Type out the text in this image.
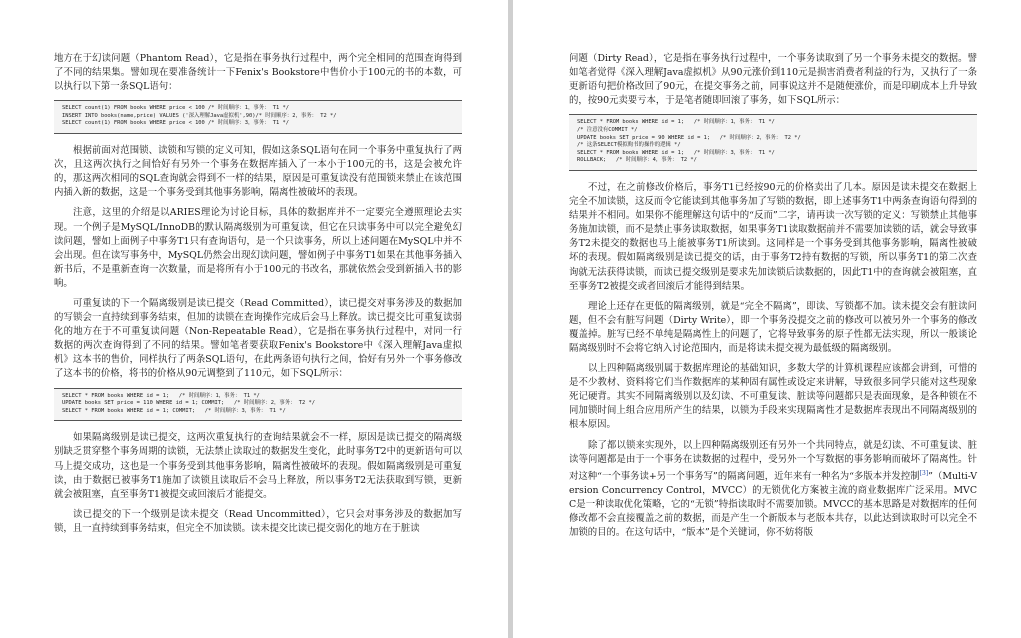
地方在于幻读问题（Phantom Read），它是指在事务执行过程中，两个完全相同的范围查询得到了不同的结果集。譬如现在要准备统计一下Fenix's Bookstore中售价小于100元的书的本数，可以执行以下第一条SQL语句：

SELECT count(1) FROM books WHERE price < 100 /* 时间顺序：1，事务： T1 */
INSERT INTO books(name,price) VALUES ('深入理解Java虚拟机',90)/* 时间顺序：2，事务： T2 */
SELECT count(1) FROM books WHERE price < 100 /* 时间顺序：3，事务： T1 */

根据前面对范围锁、读锁和写锁的定义可知，假如这条SQL语句在同一个事务中重复执行了两次，且这两次执行之间恰好有另外一个事务在数据库插入了一本小于100元的书，这是会被允许的，那这两次相同的SQL查询就会得到不一样的结果，原因是可重复读没有范围锁来禁止在该范围内插入新的数据，这是一个事务受到其他事务影响，隔离性被破坏的表现。

注意，这里的介绍是以ARIES理论为讨论目标，具体的数据库并不一定要完全遵照理论去实现。一个例子是MySQL/InnoDB的默认隔离级别为可重复读，但它在只读事务中可以完全避免幻读问题，譬如上面例子中事务T1只有查询语句，是一个只读事务，所以上述问题在MySQL中并不会出现。但在读写事务中，MySQL仍然会出现幻读问题，譬如例子中事务T1如果在其他事务插入新书后，不是重新查询一次数量，而是将所有小于100元的书改名，那就依然会受到新插入书的影响。

可重复读的下一个隔离级别是读已提交（Read Committed），读已提交对事务涉及的数据加的写锁会一直持续到事务结束，但加的读锁在查询操作完成后会马上释放。读已提交比可重复读弱化的地方在于不可重复读问题（Non-Repeatable Read），它是指在事务执行过程中，对同一行数据的两次查询得到了不同的结果。譬如笔者要获取Fenix's Bookstore中《深入理解Java虚拟机》这本书的售价，同样执行了两条SQL语句，在此两条语句执行之间，恰好有另外一个事务修改了这本书的价格，将书的价格从90元调整到了110元，如下SQL所示：

SELECT * FROM books WHERE id = 1;   /* 时间顺序：1，事务： T1 */
UPDATE books SET price = 110 WHERE id = 1; COMMIT;   /* 时间顺序：2，事务： T2 */
SELECT * FROM books WHERE id = 1; COMMIT;   /* 时间顺序：3，事务： T1 */

如果隔离级别是读已提交，这两次重复执行的查询结果就会不一样，原因是读已提交的隔离级别缺乏贯穿整个事务周期的读锁，无法禁止读取过的数据发生变化，此时事务T2中的更新语句可以马上提交成功，这也是一个事务受到其他事务影响，隔离性被破坏的表现。假如隔离级别是可重复读，由于数据已被事务T1施加了读锁且读取后不会马上释放，所以事务T2无法获取到写锁，更新就会被阻塞，直至事务T1被提交或回滚后才能提交。

读已提交的下一个级别是读未提交（Read Uncommitted），它只会对事务涉及的数据加写锁，且一直持续到事务结束，但完全不加读锁。读未提交比读已提交弱化的地方在于脏读

问题（Dirty Read），它是指在事务执行过程中，一个事务读取到了另一个事务未提交的数据。譬如笔者觉得《深入理解Java虚拟机》从90元涨价到110元是损害消费者利益的行为，又执行了一条更新语句把价格改回了90元，在提交事务之前，同事说这并不是随便涨价，而是印刷成本上升导致的，按90元卖要亏本，于是笔者随即回滚了事务，如下SQL所示：

SELECT * FROM books WHERE id = 1;   /* 时间顺序：1，事务： T1 */
/* 注意没有COMMIT */
UPDATE books SET price = 90 WHERE id = 1;   /* 时间顺序：2，事务： T2 */
/* 这条SELECT模拟购书的操作的逻辑 */
SELECT * FROM books WHERE id = 1;   /* 时间顺序：3，事务： T1 */
ROLLBACK;   /* 时间顺序：4，事务： T2 */

不过，在之前修改价格后，事务T1已经按90元的价格卖出了几本。原因是读未提交在数据上完全不加读锁，这反而令它能读到其他事务加了写锁的数据，即上述事务T1中两条查询语句得到的结果并不相同。如果你不能理解这句话中的“反而”二字，请再读一次写锁的定义：写锁禁止其他事务施加读锁，而不是禁止事务读取数据，如果事务T1读取数据前并不需要加读锁的话，就会导致事务T2未提交的数据也马上能被事务T1所读到。这同样是一个事务受到其他事务影响，隔离性被破坏的表现。假如隔离级别是读已提交的话，由于事务T2持有数据的写锁，所以事务T1的第二次查询就无法获得读锁，而读已提交级别是要求先加读锁后读数据的，因此T1中的查询就会被阻塞，直至事务T2被提交或者回滚后才能得到结果。

理论上还存在更低的隔离级别，就是“完全不隔离”，即读、写锁都不加。读未提交会有脏读问题，但不会有脏写问题（Dirty Write），即一个事务没提交之前的修改可以被另外一个事务的修改覆盖掉。脏写已经不单纯是隔离性上的问题了，它将导致事务的原子性都无法实现，所以一般谈论隔离级别时不会将它纳入讨论范围内，而是将读未提交视为最低级的隔离级别。

以上四种隔离级别属于数据库理论的基础知识，多数大学的计算机课程应该都会讲到，可惜的是不少教材、资料将它们当作数据库的某种固有属性或设定来讲解，导致很多同学只能对这些现象死记硬背。其实不同隔离级别以及幻读、不可重复读、脏读等问题都只是表面现象，是各种锁在不同加锁时间上组合应用所产生的结果，以锁为手段来实现隔离性才是数据库表现出不同隔离级别的根本原因。

除了都以锁来实现外，以上四种隔离级别还有另外一个共同特点，就是幻读、不可重复读、脏读等问题都是由于一个事务在读数据的过程中，受另外一个写数据的事务影响而破坏了隔离性。针对这种“一个事务读+另一个事务写”的隔离问题，近年来有一种名为“多版本并发控制[3]”（Multi-Version Concurrency Control，MVCC）的无锁优化方案被主流的商业数据库广泛采用。MVCC是一种读取优化策略，它的“无锁”特指读取时不需要加锁。MVCC的基本思路是对数据库的任何修改都不会直接覆盖之前的数据，而是产生一个新版本与老版本共存，以此达到读取时可以完全不加锁的目的。在这句话中，“版本”是个关键词，你不妨将版
